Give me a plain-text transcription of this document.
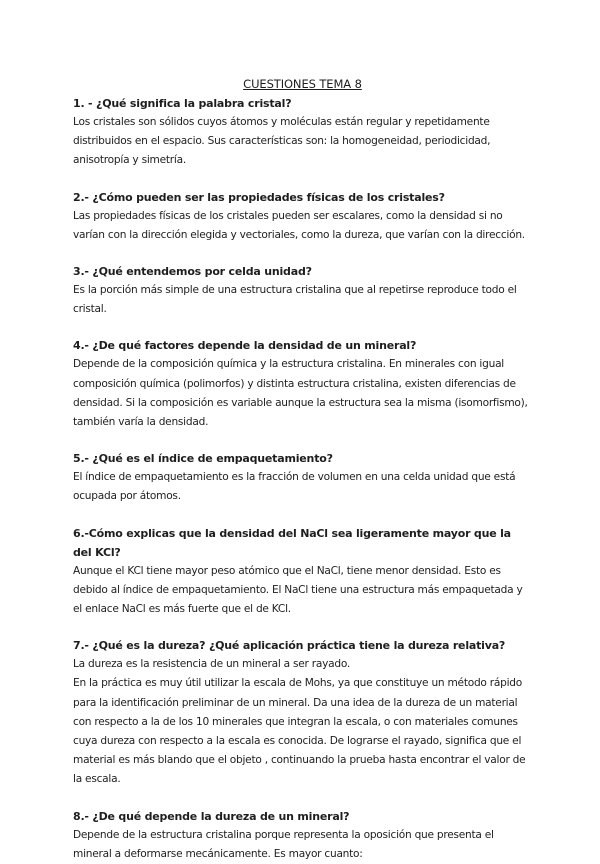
CUESTIONES TEMA 8
1. - ¿Qué significa la palabra cristal?

Los cristales son sólidos cuyos átomos y moléculas están regular y repetidamente distribuidos en el espacio. Sus características son: la homogeneidad, periodicidad, anisotropía y simetría.

2.- ¿Cómo pueden ser las propiedades físicas de los cristales?

Las propiedades físicas de los cristales pueden ser escalares, como la densidad si no varían con la dirección elegida y vectoriales, como la dureza, que varían con la dirección.

3.- ¿Qué entendemos por celda unidad?

Es la porción más simple de una estructura cristalina que al repetirse reproduce todo el cristal.

4.- ¿De qué factores depende la densidad de un mineral?

Depende de la composición química y la estructura cristalina. En minerales con igual composición química (polimorfos) y distinta estructura cristalina, existen diferencias de densidad. Si la composición es variable aunque la estructura sea la misma (isomorfismo), también varía la densidad.

5.- ¿Qué es el índice de empaquetamiento?

El índice de empaquetamiento es la fracción de volumen en una celda unidad que está ocupada por átomos.

6.-Cómo explicas que la densidad del NaCl sea ligeramente mayor que la del KCl?

Aunque el KCl tiene mayor peso atómico que el NaCl, tiene menor densidad. Esto es debido al índice de empaquetamiento. El NaCl tiene una estructura más empaquetada y el enlace NaCl es más fuerte que el de KCl.

7.- ¿Qué es la dureza? ¿Qué aplicación práctica tiene la dureza relativa?

La dureza es la resistencia de un mineral a ser rayado.

En la práctica es muy útil utilizar la escala de Mohs, ya que constituye un método rápido para la identificación preliminar de un mineral. Da una idea de la dureza de un material con respecto a la de los 10 minerales que integran la escala, o con materiales comunes cuya dureza con respecto a la escala es conocida. De lograrse el rayado, significa que el material es más blando que el objeto , continuando la prueba hasta encontrar el valor de la escala.

8.- ¿De qué depende la dureza de un mineral?

Depende de la estructura cristalina porque representa la oposición que presenta el mineral a deformarse mecánicamente. Es mayor cuanto:
